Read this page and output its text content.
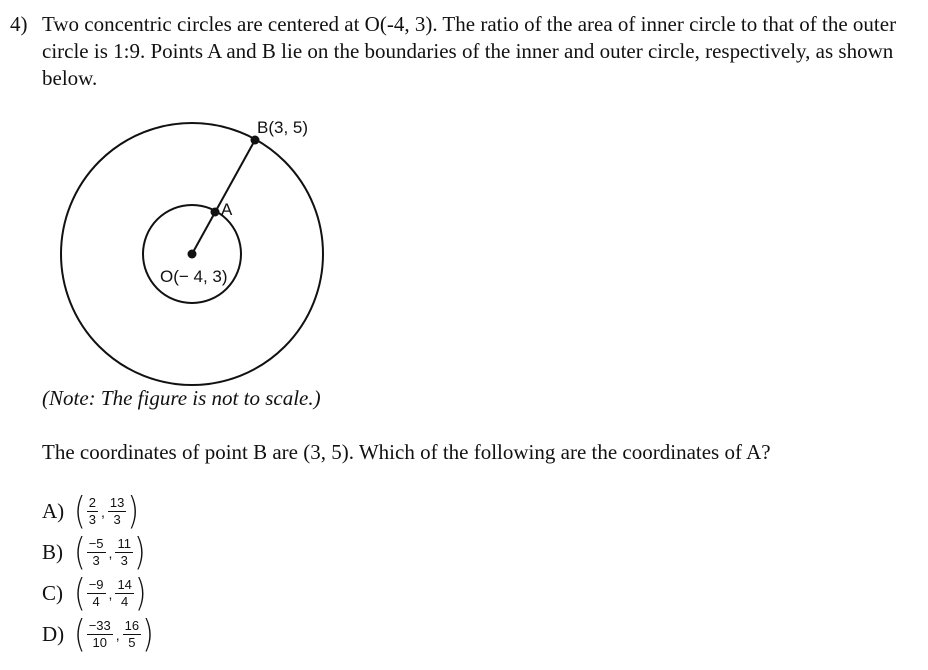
4) Two concentric circles are centered at O(-4, 3). The ratio of the area of inner circle to that of the outer circle is 1:9. Points A and B lie on the boundaries of the inner and outer circle, respectively, as shown below.
B(3, 5)
A
O(− 4, 3)
(Note: The figure is not to scale.)
The coordinates of point B are (3, 5). Which of the following are the coordinates of A?
A) ( $\frac{2}{3}$ , $\frac{13}{3}$ )
B) ( $\frac{-5}{3}$ , $\frac{11}{3}$ )
C) ( $\frac{-9}{4}$ , $\frac{14}{4}$ )
D) ( $\frac{-33}{10}$ , $\frac{16}{5}$ )
